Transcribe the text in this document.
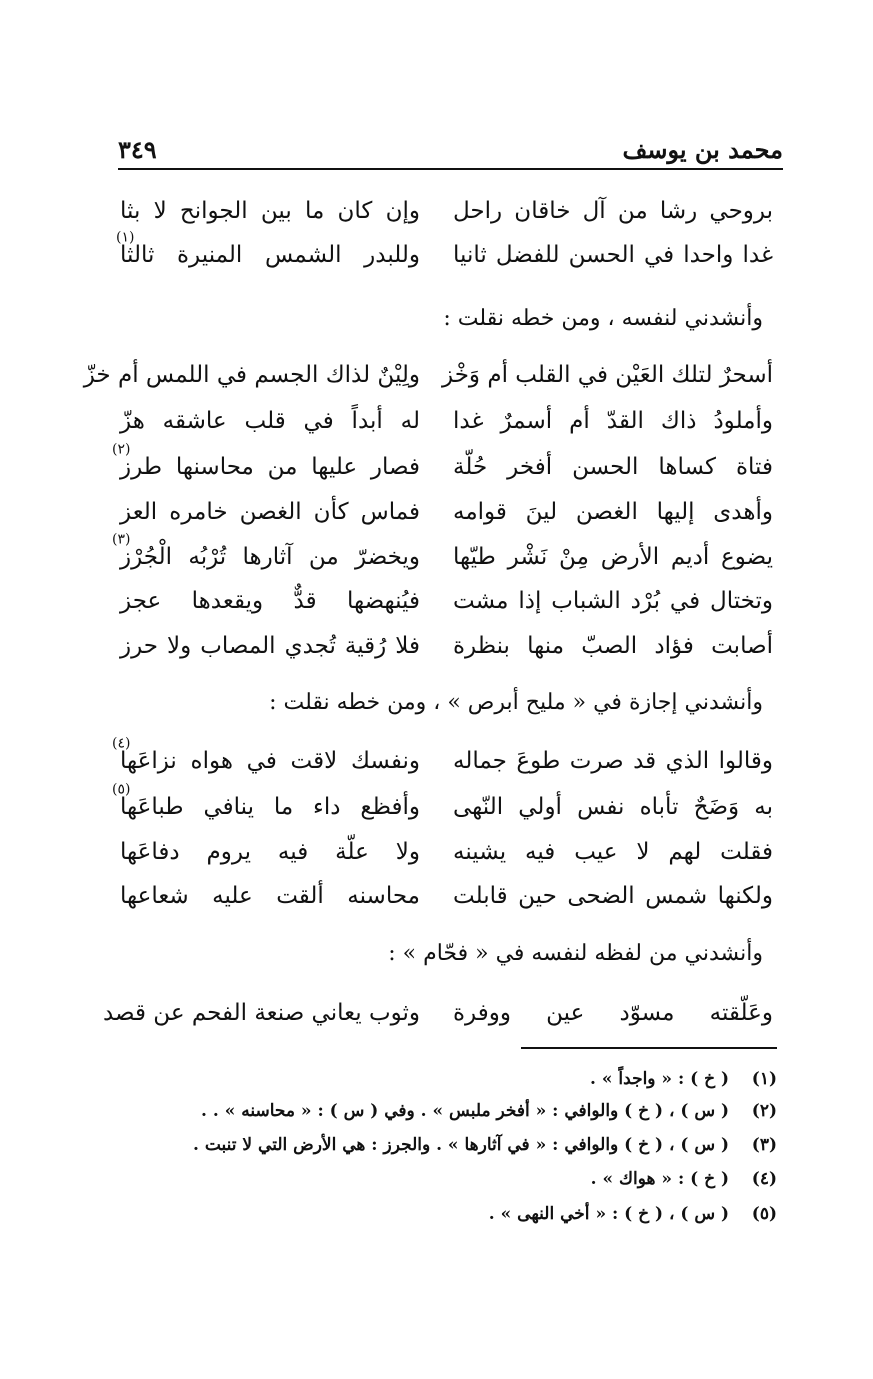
محمد بن يوسف
٣٤٩
بروحي رشا من آل خاقان راحل
وإن كان ما بين الجوانح لا بثا
غدا واحدا في الحسن للفضل ثانيا
وللبدر الشمس المنيرة ثالثا
$^{(١)}$
وأنشدني لنفسه ، ومن خطه نقلت :
أسحرٌ لتلك العَيْن في القلب أم وَخْز
ولِيْنٌ لذاك الجسم في اللمس أم خزّ
وأملودُ ذاك القدّ أم أسمرٌ غدا
له أبداً في قلب عاشقه هزّ
فتاة كساها الحسن أفخر حُلّة
فصار عليها من محاسنها طرز
$^{(٢)}$
وأهدى إليها الغصن لينَ قوامه
فماس كأن الغصن خامره العز
يضوع أديم الأرض مِنْ نَشْر طيّها
ويخضرّ من آثارها تُرْبُه الْجُرْز
$^{(٣)}$
وتختال في بُرْد الشباب إذا مشت
فيُنهضها قدٌّ ويقعدها عجز
أصابت فؤاد الصبّ منها بنظرة
فلا رُقية تُجدي المصاب ولا حرز
وأنشدني إجازة في « مليح أبرص » ، ومن خطه نقلت :
وقالوا الذي قد صرت طوعَ جماله
ونفسك لاقت في هواه نزاعَها
$^{(٤)}$
به وَضَحٌ تأباه نفس أولي النّهى
وأفظع داء ما ينافي طباعَها
$^{(٥)}$
فقلت لهم لا عيب فيه يشينه
ولا علّة فيه يروم دفاعَها
ولكنها شمس الضحى حين قابلت
محاسنه ألقت عليه شعاعها
وأنشدني من لفظه لنفسه في « فحّام » :
وعَلّقته مسوّد عين ووفرة
وثوب يعاني صنعة الفحم عن قصد
(١) ( خ ) : « واجداً » .
(٢) ( س ) ، ( خ ) والوافي : « أفخر ملبس » . وفي ( س ) : « محاسنه » . .
(٣) ( س ) ، ( خ ) والوافي : « في آثارها » . والجرز : هي الأرض التي لا تنبت .
(٤) ( خ ) : « هواك » .
(٥) ( س ) ، ( خ ) : « أخي النهى » .
